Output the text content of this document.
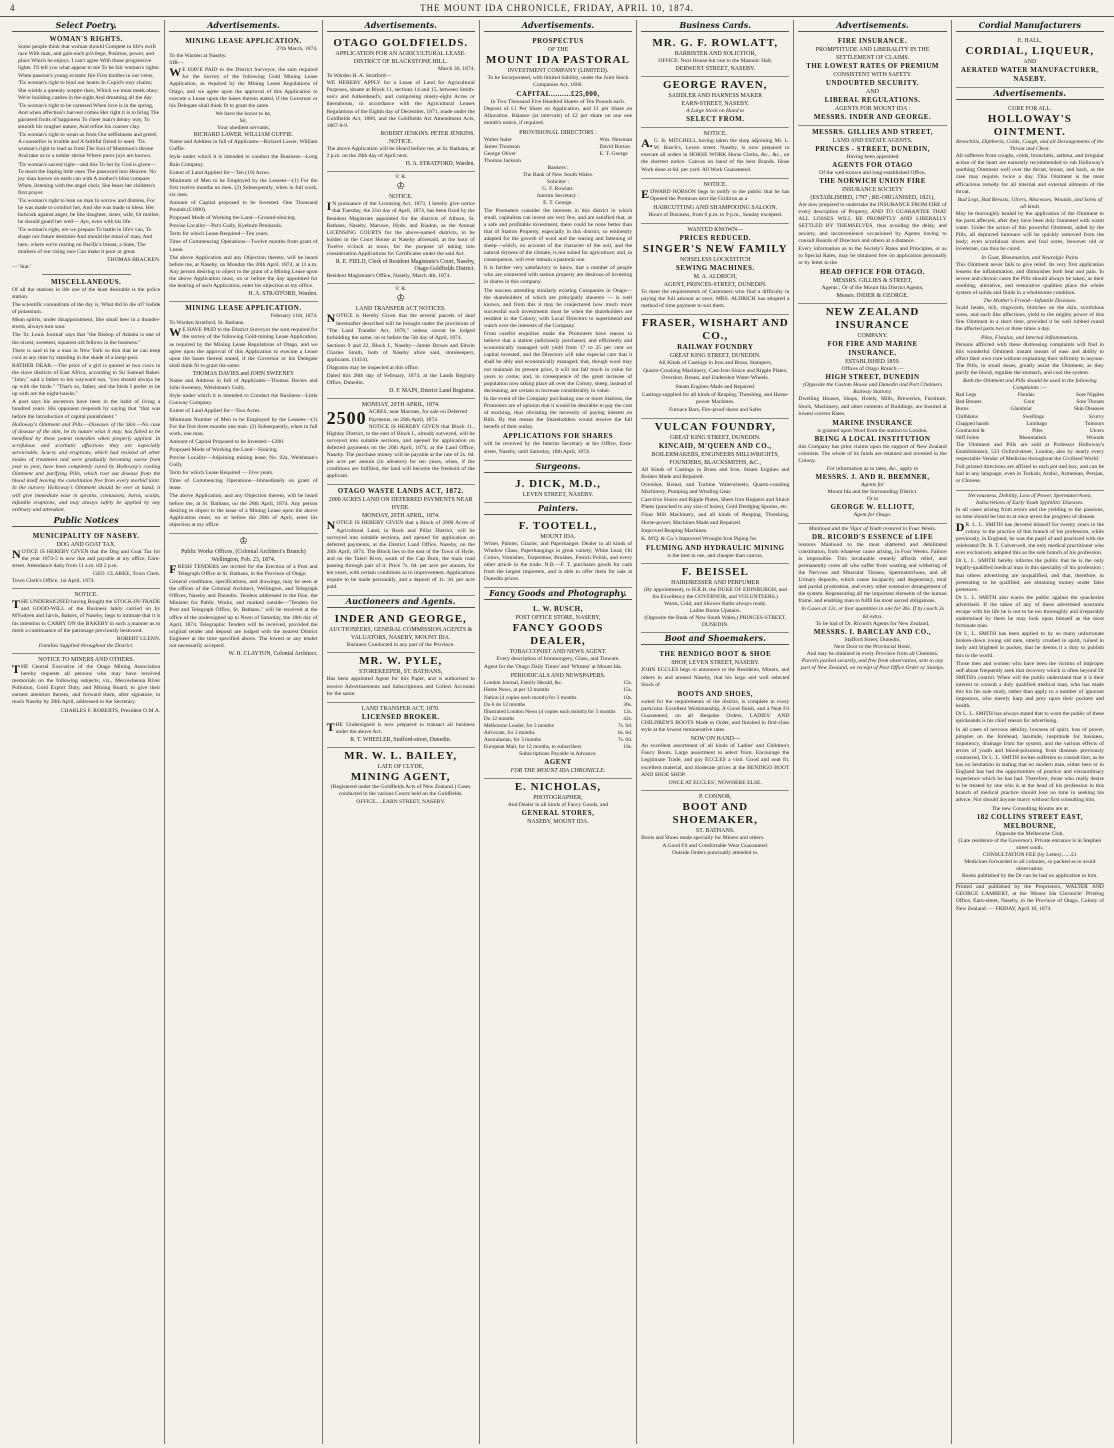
4	THE MOUNT IDA CHRONICLE, FRIDAY, APRIL 10, 1874.
Select Poetry.
WOMAN'S RIGHTS.

Some people think that woman should Compete in life's swift race With man, and gain each privilege, Position, power, and place Which he enjoys. I can't agree With those progressive lights. I'll tell you what appear to me To be fair woman's rights:

When passion's young ecstatic fire First kindles in our veins, 'Tis woman's right to bind our hearts In Cupid's rosy chains; She wields a queenly sceptre then, Which we must meek obey; We're building castles in the night And dreaming all the day.

'Tis woman's right to be caressed When love is in the spring, And when affection's harvest comes Her right it is to bring The garnered fruits of happiness To cheer man's dreary way, To smooth his rougher nature, And refine his coarser clay.

'Tis woman's right to wean us from Our selfishness and greed; A counsellor in trouble and A faithful friend in need. 'Tis woman's right to lead us from The foot of Mammon's throne And take us to a nobler shrine Where purer joys are known.

'Tis woman's sacred right—and this To her by God is given— To teach the lisping little ones The password into Heaven. No joy man knows on earth can with A mother's bliss compare When, listening with the angel choir, She hears her children's first prayer.

'Tis woman's right to lean on man In sorrow and distress, For he was made to comfort her, And she was made to bless. Her bulwark against anger, be She daughter, sister, wife, Or mother, he should guard her well— Aye, even with his life.

'Tis woman's right, ere we prepare To battle in life's van, To shape our future destinies And mould the mind of man; And here, where we're rearing on Pacific's breast, a State, The mothers of our rising race Can make it poor or great.

THOMAS BRACKEN.
—' Star.'
MISCELLANEOUS.

Of all the stations in life one of the least desirable is the police station.

The scientific conundrum of the day is, What did Io die of? Iodide of potassium.

Mean spirits, under disappointment, like small beer in a thunder-storm, always turn sour.

The 'St. Louis Journal' says that "the Bishop of Atlanta is one of the nicest, sweetest, squarest old fellows in the business."

There is said to be a man in New York so thin that he can keep cool at any time by standing in the shade of a lamp-post.

RATHER DEAR.—The price of a girl is quoted at two cows in the slave districts of East Africa, according to Sir Samuel Baker. "John," said a father to his wayward son, "you should always be up with the birds." "That's so, father, and the birds I prefer to be up with are the night-hawks."

A poet says his ancestors have been in the habit of living a hundred years. His opponent responds by saying that "that was before the introduction of capital punishment."

Holloway's Ointment and Pills.—Diseases of the Skin.—No case of disease of the skin, be its nature what it may, has failed to be benefited by these potent remedies when properly applied. In scrofulous and scorbutic affections they are especially serviceable. Scurvy and eruptions, which had resisted all other modes of treatment and were gradually becoming worse from year to year, have been completely cured by Holloway's cooling Ointment and purifying Pills, which root out disease from the blood itself leaving the constitution free from every morbid taint. In the nursery Holloway's Ointment should be ever at hand; it will give immediate ease in sprains, contusions, burns, scalds, infantile eruptions, and may always safely be applied by any ordinary and attendant.

Public Notices
MUNICIPALITY OF NASEBY.
DOG AND GOAT TAX.

NOTICE IS HEREBY GIVEN that the Dog and Goat Tax for the year 1874-5 is now due and payable at my office, Earn-street. Attendance daily from 11 a.m. till 2 p.m.

GEO. CLARKE, Town Clerk.
Town Clerk's Office, 1st April, 1874.
NOTICE.

THE UNDERSIGNED having Bought the STOCK-IN-TRADE and GOOD-WILL of the Business lately carried on by M'Fadyen and Jarvis, Bakers, of Naseby, begs to intimate that it is his intention to CARRY ON the BAKERY in such a manner as to merit a continuance of the patronage previously bestowed.

ROBERT GLENN.
Families Supplied throughout the District.
NOTICE TO MINERS AND OTHERS.

THE Central Executive of the Otago Mining Association hereby requests all persons who may have received memorials on the following subjects, viz., Mecowhenua River Pollution, Gold Export Duty, and Mining Board, to give their earnest attention thereto, and forward them, after signature, to reach Naseby by 20th April, addressed to the Secretary.

CHARLES F. ROBERTS, President O.M.A.
Advertisements.
MINING LEASE APPLICATION.
27th March, 1874.
To the Warden at Naseby.
SIR—

WE HAVE PAID to the District Surveyor, the sum required for the Survey of the following Gold Mining Lease Application, as required by the Mining Lease Regulations of Otago, and we agree upon the approval of this Application to execute a Lease upon the bases therein stated, if the Governor or his Delegate shall think fit to grant the same.

We have the honor to be,
Sir,
Your obedient servants,
RICHARD LAWER. WILLIAM GUFFIE.

Name and Address in full of Applicants—Richard Lawer, William Guffie.

Style under which it is intended to conduct the Business—Long Rain Company.

Extent of Land Applied for—Ten (10) Acres.

Minimum of Men to be Employed by the Lessees—(1) For the first twelve months no men. (2) Subsequently, when in full work, six men.

Amount of Capital proposed to be Invested. One Thousand Pounds (£1000).

Proposed Mode of Working the Land—Ground-sluicing.

Precise Locality—Pat's Gully, Kyeburn Peninsula.

Term for which Lease Required—Ten years.

Time of Commencing Operations—Twelve months from grant of Lease.

The above Application and any Objection thereto, will be heard before me, at Naseby, on Monday the 20th April, 1874, at 11 a.m. Any person desiring to object to the grant of a Mining Lease upon the above Application must, on or before the day appointed for the hearing of such Application, enter his objection at my office.

H. A. STRATFORD, Warden.
MINING LEASE APPLICATION.
February 11th, 1874.
To Warden Stratford, St. Bathans.

WE HAVE PAID to the District Surveyor the sum required for the survey of the following Gold-mining Lease Application, as required by the Mining Lease Regulations of Otago, and we agree upon the approval of this Application to execute a Lease upon the bases therein stated, if the Governor or his Delegate shall think fit to grant the same.

THOMAS DAVIES and JOHN SWEENEY

Name and Address in full of Applicants—Thomas Davies and John Sweeney, Welshman's Gully.

Style under which it is intended to Conduct the Business—Little Conway Company.

Extent of Land Applied for—Two Acres.

Minimum Number of Men to be Employed by the Lessees—(1) For the first three months one man. (2) Subsequently, when in full work, one man.

Amount of Capital Proposed to be Invested—£200.

Proposed Mode of Working the Land—Sluicing.

Precise Locality—Adjoining mining lease, No. 92a, Welshman's Gully.

Term for which Lease Required — Five years.

Time of Commencing Operations—Immediately on grant of lease.

The above Application, and any Objection thereto, will be heard before me, at St. Bathans, on the 28th April, 1874. Any person desiring to object to the issue of a Mining Lease upon the above Application must, on or before the 28th of April, enter his objection at my office.

♔
Public Works Offices, (Colonial Architect's Branch) Wellington, Feb. 23, 1874.

FRESH TENDERS are invited for the Erection of a Post and Telegraph Office at St. Bathans, in the Province of Otago.

General conditions, specifications, and drawings, may be seen at the offices of the Colonial Architect, Wellington, and Telegraph Offices, Naseby and Dunedin. Tenders addressed to the Hon. the Minister for Public Works, and marked outside—"Tenders for Post and Telegraph Office, St. Bathans," will be received at the office of the undersigned up to Noon of Saturday, the 18th day of April, 1874. Telegraphic Tenders will be received, provided the original tender and deposit are lodged with the nearest District Engineer at the time specified above. The lowest or any tender not necessarily accepted.

W. H. CLAYTON, Colonial Architect.
Advertisements.
OTAGO GOLDFIELDS.
APPLICATION FOR AN AGRICULTURAL LEASE.
DISTRICT OF BLACKSTONE HILL.
March 30, 1874.
To Warden H. A. Stratford—

WE HEREBY APPLY for a Lease of Land for Agricultural Purposes, situate at Block 11, sections 14 and 15, between Smith-son's and Aitkenhead's, and comprising ninety-eight Acres or thereabouts, in accordance with the Agricultural Leases Regulations of the Eighth day of December, 1871, made under the Goldfields Act, 1866, and the Goldfields Act Amendment Acts, 1867-8-9.

ROBERT JENKINS. PETER JENKINS.
NOTICE.

The above Application will be Heard before me, at St. Bathans, at 2 p.m. on the 28th day of April next.

H. A. STRATFORD, Warden.
V. R.
♔
NOTICE.

IN pursuance of the Licensing Act, 1873, I hereby give notice that Tuesday, the 21st day of April, 1874, has been fixed by the Resident Magistrate appointed for the districts of Alburn, St. Bathans, Naseby, Maruwe, Hyde, and Riadon, as the Annual LICENSING COURTS for the above-named districts, to be holden in the Court House at Naseby aforesaid, at the hour of Twelve o'clock at noon, for the purpose of taking into consideration Applications for Certificates under the said Act.

R. E. FIELD, Clerk of Resident Magistrate's Court, Naseby, Otago Goldfields District.
Resident Magistrate's Office, Naseby, March 4th, 1874.
V. R.
♔
LAND TRANSFER ACT NOTICES.

NOTICE is Hereby Given that the several parcels of land hereinafter described will be brought under the provisions of "The Land Transfer Act, 1870," unless caveat be lodged forbidding the same, on or before the 5th day of April, 1874.

Sections 9 and 22, Block I., Naseby—James Brown and Edwin Charles Smith, both of Naseby afore said, storekeepers, applicants. (1414).

Diagrams may be inspected at this office.

Dated this 28th day of February, 1874, at the Lands Registry Office, Dunedin.

D. F. MAIN, District Land Registrar.
MONDAY, 20TH APRIL, 1874.
2500 ACRES, near Macraes, for sale on Deferred Payments, on 20th April, 1874.

NOTICE IS HEREBY GIVEN that Block 11., Highlay District, to the east of Block I., already surveyed, will be surveyed into suitable sections, and opened for application on deferred payments on the 20th April, 1874, at the Land Office, Naseby. The purchase money will be payable at the rate of 2s. 6d. per acre per annum (in advance) for ten years, when, if the conditions are fulfilled, the land will become the freehold of the applicant.

OTAGO WASTE LANDS ACT, 1872.
2000 ACRES LAND ON DEFERRED PAYMENTS NEAR HYDE.
MONDAY, 20TH APRIL, 1874.

NOTICE IS HEREBY GIVEN that a Block of 2000 Acres of Agricultural Land, in Rock and Pillar District, will be surveyed into suitable sections, and opened for application on deferred payments, at the District Land Office, Naseby, on the 20th April, 1874. The Block lies to the east of the Town of Hyde, and on the Taieri River, south of the Cap Burn, the main road passing through part of it. Price 7s. 6d. per acre per annum, for ten years, with certain conditions as to improvement. Applications require to be made personally, and a deposit of 1s. 3d. per acre paid.

Auctioneers and Agents.
INDER AND GEORGE,
AUCTIONEERS, GENERAL COMMISSION AGENTS & VALUATORS, NASEBY, MOUNT IDA.
Business Conducted in any part of the Province.
MR. W. PYLE,
STOREKEEPER, ST. BATHANS,

Has been appointed Agent for this Paper, and is authorised to receive Advertisements and Subscriptions and Collect Accounts for the same.

LAND TRANSFER ACT, 1870.
LICENSED BROKER.

THE Undersigned is now prepared to transact all business under the above Act.

R. T. WHEELER, Stafford-street, Dunedin.
MR. W. L. BAILEY,
LATE OF CLYDE,
MINING AGENT,

(Registered under the Goldfields Acts of New Zealand.) Cases conducted in the various Courts held on the Goldfields.

OFFICE.....EARN STREET, NASEBY.
Advertisements.
PROSPECTUS
OF THE
MOUNT IDA PASTORAL
INVESTMENT COMPANY (LIMITED).

To be Incorporated, with limited liability, under the Joint Stock Companies Act, 1860.

CAPITAL.........£25,000,
In Two Thousand Five Hundred Shares of Ten Pounds each.

Deposit of £1 Per Share on Application, and £1 per Share on Allocation. Balance (at intervals) of £2 per share on one one month's notice, if required.

PROVISIONAL DIRECTORS :
Walter Inder
James Thomson
George Oliver
Thomas Jackson
Wm. Newman
David Burton
E. T. George
Bankers :
The Bank of New South Wales.
Solicitor :
G. F. Rowlatt.
Interim Secretary :
E. T. George.

The Promoters consider the interests in this district in which small, capitalists can invest are very few, and are satisfied that, as a safe and profitable investment, there could be none better than that of Station Property, especially in this district, so eminently adapted for the growth of wool and the rearing and fattening of sheep—which, on account of the character of the soil, and the natural dryness of the climate, is not suited for agriculture; and, in consequence, will ever remain a pastoral one.

It is further very satisfactory to know, that a number of people who are connected with station property are desirous of investing in shares in this company.

The success attending similarly existing Companies in Otago—the shareholders of which are principally shearers — is well known, and from this it may be conjectured how much more successful such investments must be when the shareholders are resident in the Colony, with Local Directors to superintend and watch over the interests of the Company.

From careful enquiries made the Promoters have reason to believe that a station judiciously purchased, and efficiently and economically managed will yield from 17 to 25 per cent on capital invested, and the Directors will take especial care that it shall be ably and economically managed; that, though wool may not maintain its present price, it will not fall much in value for years to come; and, in consequence of the great increase of population now taking place all over the Colony, sheep, instead of decreasing, are certain to increase considerably in value.

In the event of the Company purchasing one or more Stations, the Promoters are of opinion that it would be desirable to pay the cost of stocking, thus obviating the necessity of paying interest on Bills. By this means the Shareholders would receive the full benefit of their outlay.

APPLICATIONS FOR SHARES

will be received by the Interim Secretary at his Office, Earn-street, Naseby, until Saturday, 18th April, 1874.

Surgeons.
J. DICK, M.D.,
LEVEN STREET, NASEBY.
Painters.
F. TOOTELL,
MOUNT IDA.

Writer, Painter, Glazier, and Paperhanger. Dealer in all kinds of Window Glass, Paperhangings in great variety; White Lead, Oil Colors, Varnishes, Turpentine, Brushes, French Polish, and every other article in the trade. N.B.—F. T. purchases goods for cash from the largest importers, and is able to offer them for sale at Dunedin prices.

Fancy Goods and Photography.
L. W. BUSCH,
POST OFFICE STORE, NASEBY,
FANCY GOODS DEALER,
TOBACCONIST AND NEWS AGENT.

Every description of Ironmongery, Glass, and Tinware.

Agent for the 'Otago Daily Times' and 'Witness' at Mount Ida.

PERIODICALS AND NEWSPAPERS.
London Journal, Family Herald, &c.	15s.
Home News, at per 12 months	15s.
Nation (4 copies each month) for 3 months	10s.
Do 6 do 12 months	30s.
Illustrated London News (4 copies each month) for 3 months 12s.
Do 12 months	42s.
Melbourne Leader, for 3 months	7s. 6d.
Advocate, for 3 months	6s. 6d.
Australasian, for 3 months	7s. 6d.
European Mail, for 12 months, to subscribers	16s.
Subscriptions Payable in Advance.
AGENT
FOR THE MOUNT IDA CHRONICLE.
E. NICHOLAS,
PHOTOGRAPHER,
And Dealer in all kinds of Fancy Goods, and
GENERAL STORES,
NASEBY, MOUNT IDA.
Business Cards.
MR. G. F. ROWLATT,
BARRISTER AND SOLICITOR,
OFFICE: Next House but one to the Masonic Hall,
DERWENT STREET, NASEBY.
GEORGE RAVEN,
SADDLER AND HARNESS MAKER
EARN-STREET, NASEBY.
A Large Stock on Hand to
SELECT FROM.
NOTICE.

A.G. B. MITCHELL having taken the shop adjoining Mr. L. W. Busch's, Leven street, Naseby, is now prepared to execute all orders in HORSE WORK Horse Cloths, &c., &c., on the shortest notice. Canvas on hand of the best Brands. Hose Work done at 6d. per yard. All Work Guaranteed.

NOTICE.

EDWARD HOBSON begs to notify to the public that he has Opened the Premises next the Gridiron as a

HAIRCUTTING AND SHAMPOOING SALOON.

Hours of Business, from 6 p.m. to 9 p.m., Sunday excepted.

WANTED KNOWN—
PRICES REDUCED.
SINGER'S NEW FAMILY
NOISELESS LOCKSTITCH
SEWING MACHINES.
M. A. ALDRICH,
AGENT, PRINCES-STREET, DUNEDIN.

To meet the requirements of Customers who find a difficulty in paying the full amount at once, MRS. ALDRICH has adopted a method of time payment to suit them.

FRASER, WISHART AND CO.,
RAILWAY FOUNDRY
GREAT KING STREET, DUNEDIN.

All Kinds of Castings in Iron and Brass, Stampers,

Quartz-Crushing Machinery, Cast-Iron Sluice and Ripple Plates; Overshot, Breast, and Undershot Water-Wheels.

Steam Engines Made and Repaired.

Castings supplied for all kinds of Reaping, Threshing, and Horse-power Machines.

Furnace Bars, Fire-proof doors and Safes

VULCAN FOUNDRY,
GREAT KING STREET, DUNEDIN.
KINCAID, M'QUEEN AND CO.,
BOILERMAKERS, ENGINEERS MILLWRIGHTS, FOUNDERS, BLACKSMITHS, &C.,

All Kinds of Castings in Brass and Iron. Steam Engines and Boilers Made and Repaired.

Overshot, Breast, and Turbine Waterwheels; Quartz-crushing Machinery, Pumping and Winding Gear.

Cast-Iron Sluice and Ripple Plates, Sheet Iron Hoppers and Sluice Plates (punched to any size of holes), Gold Dredging Spoons, etc.

Flour Mill Machinery, and all kinds of Reaping, Threshing, Horse-power, Machines Made and Repaired.

Improved Reaping Machines.

K. M'Q. & Co.'s Improved Wrought Iron Piping for

FLUMING AND HYDRAULIC MINING
is the best in use, and cheaper than canvas.
F. BEISSEL
HAIRDRESSER AND PERFUMER
(By appointment), to H.R.H. the DUKE OF EDINBURGH, and his Excellency the GOVERNOR, and VOLUNTEERS.)
Warm, Cold, and Shower Baths always ready.
Ladies Room Upstairs.
(Opposite the Bank of New South Wales,) PRINCES-STREET, DUNEDIN.
Boot and Shoemakers.
THE BENDIGO BOOT & SHOE
SHOP, LEVEN STREET, NASEBY.

JOHN ECCLES begs to announce to the Residents, Miners, and others in and around Naseby, that his large and well selected Stock of

BOOTS AND SHOES,

suited for the requirements of the district, is complete in every particular. Excellent Workmanship, A Good finish, and a Neat Fit Guaranteed, on all Bespoke Orders. LADIES' AND CHILDREN'S BOOTS Made to Order, and finished in first-class style at the lowest remunerative rates.

NOW ON HAND—

An excellent assortment of all kinds of Ladies' and Children's Fancy Boots. Large assortment to select from. Encourage the Legitimate Trade, and pay ECCLES a visit. Good and neat fit, excellent material, and moderate prices at the BENDIGO BOOT AND SHOE SHOP.

ONCE AT ECCLES', NOWHERE ELSE.
P. CONNOR,
BOOT AND SHOEMAKER,
ST. BATHANS.

Boots and Shoes made specially for Miners and others.

A Good Fit and Comfortable Wear Guaranteed.
Outside Orders punctually attended to.
Advertisements.
FIRE INSURANCE.
PROMPTITUDE AND LIBERALITY IN THE SETTLEMENT OF CLAIMS.
THE LOWEST RATES OF PREMIUM
CONSISTENT WITH SAFETY.
UNDOUBTED SECURITY.
AND
LIBERAL REGULATIONS.
AGENTS FOR MOUNT IDA :
MESSRS. INDER AND GEORGE.
MESSRS. GILLIES AND STREET,
LAND AND ESTATE AGENTS.
PRINCES - STREET, DUNEDIN,
Having been appointed
AGENTS FOR OTAGO
Of the well-known and long-established Office,
THE NORWICH UNION FIRE
INSURANCE SOCIETY
(ESTABLISHED, 1797 ; RE-ORGANISED, 1821),

Are now prepared to undertake the INSURANCE FROM FIRE of every description of Property, AND TO GUARANTEE THAT ALL LOSSES WILL BE PROMPTLY AND LIBERALLY SETTLED BY THEMSELVES, thus avoiding the delay, and anxiety, and inconvenience occasioned by Agents having to consult Boards of Directors and others at a distance.

Every information as to the Society's Rates and Principles, or as to Special Rates, may be obtained free on application personally or by letter to the

HEAD OFFICE FOR OTAGO.
MESSRS. GILLIES & STREET,
Agents ; Or of the Mount Ida District Agents,
Messrs. INDER & GEORGE.
NEW ZEALAND INSURANCE
COMPANY.
FOR FIRE AND MARINE
INSURANCE.
ESTABLISHED 1859.
Offices of Otago Branch —
HIGH STREET, DUNEDIN
(Opposite the Custom House and Dunedin and Port Chalmers Railway Station).

Dwelling Houses, Shops, Hotels, Mills, Breweries, Furniture, Stock, Machinery, and other contents of Buildings, are Insured at lowest current Rates.

MARINE INSURANCE
is granted upon Wool from the station to London.
BEING A LOCAL INSTITUTION

this Company has prior claims upon the support of New Zealand colonists. The whole of its funds are retained and invested in the Colony.

For information as to rates, &c., apply to
MESSRS. J. AND R. BREMNER,
Agents for
Mount Ida and the Surrounding District.
Or to
GEORGE W. ELLIOTT,
Agent for Otago.
Manhood and the Vigor of Youth restored in Four Weeks.
DR. RICORD'S ESSENCE of LIFE

restores Manhood to the most shattered and debilitated constitution, from whatever cause arising, in Four Weeks. Failure is impossible. This invaluable remedy affords relief, and permanently cures all who suffer from wasting and withering of the Nervous and Muscular Tissues, Spermatorrhoea, and all Urinary deposits, which cause incapacity and degeneracy, total and partial prostration, and every other extensive derangement of the system. Regenerating all the important elements of the human frame, and enabling man to fulfil his most sacred obligations.

In Cases at 12s, or four quantities in one for 36s. If by coach 2s 6d extra.
To be had of Dr. Ricord's Agents for New Zealand,
MESSRS. I. BARCLAY AND CO.,
Stafford Street, Dunedin,
Next Door to the Provincial Hotel,
And may be obtained in every Province from all Chemists.
Parcels packed securely, and free from observation, sent to any part of New Zealand, on receipt of Post Office Order or Stamps.
Cordial Manufacturers
E. HALL,
CORDIAL, LIQUEUR,
AND
AERATED WATER MANUFACTURER,
NASEBY.
Advertisements.
CURE FOR ALL.
HOLLOWAY'S OINTMENT.
Bronchitis, Diptheria, Colds, Cough, and all Derangements of the Throat and Chest.

All sufferers from coughs, colds, bronchitis, asthma, and irregular action of the heart are earnestly recommended to rub Holloway's soothing Ointment well over the throat, breast, and back, as the case may require, twice a day. This Ointment is the most efficacious remedy for all internal and external ailments of the throat.

Bad Legs, Bad Breasts, Ulcers, Abscesses, Wounds, and Sores of all kinds

May be thoroughly healed by the application of the Ointment to the parts affected, after they have been duly fomented with warm water. Under the action of this powerful Ointment, aided by the Pills, all depraved humours will be quickly removed from the body; even scrofulous ulcers and foul sores, however old or inveterate, can thus be cured.

In Gout, Rheumatism, and Neuralgic Pains

This Ointment never fails to give relief. Its very first application lessens the inflammation, and diminishes both heat and pain. In severe and chronic cases the Pills should always be taken, as their soothing, alterative, and restorative qualities place the whole system of solids and fluids in a wholesome condition.

The Mother's Friend—Infantile Diseases.

Scald heads, itch, ringworm, blotches on the skin, scrofulous sores, and such like affections, yield to the mighty power of this fine Ointment in a short time, provided it be well rubbed round the affected parts two or three times a day.

Piles, Fistulas, and Internal Inflammations.

Persons afflicted with these distressing complaints will find in this wonderful Ointment instant means of ease and ability to effect their own cure without explaining their infirmity to anyone. The Pills, in small doses, greatly assist the Ointment, as they purify the blood, regulate the stomach, and cool the system.

Both the Ointment and Pills should be used in the following Complaints :—
Bad Legs	Fistulas	Sore Nipples
Bad Breasts	Gout	Sore Throats
Burns	Glandular	Skin Diseases
Chilblains	Swellings	Scurvy
Chapped hands	Lumbago	Tumours
Contracted &	Piles	Ulcers
Stiff Joints	Rheumatism	Wounds

The Ointment and Pills are sold at Professor Holloway's Establishment, 533 Oxford-street, London, also by nearly every respectable Vendor of Medicine throughout the Civilised World.

Full printed directions are affixed to each pot and box, and can be had in any language, even in Turkish, Arabic, Armenian, Persian, or Chinese.

Nervousness, Debility, Loss of Power, Spermatorrhoea, Indiscretions of Early Youth Syphilitic Diseases.

In all cases arising from errors and the yielding to the passions, no time should be lost to at once arrest the progress of disease.

DR. L. L. SMITH has devoted himself for twenty years in the colony to the practice of this branch of his profession, while previously, in England, he was the pupil of and practiced with the celebrated Dr. R. T. Culverwell, the only medical practitioner who ever exclusively adopted this as the sole branch of his profession.

Dr L. L. SMITH hereby informs the public that he is the only legally-qualified medical man in this speciality of his profession ; that others advertising are unqualified, and that, therefore, in pretending to be qualified, are obtaining money under false pretences.

Dr L. L. SMITH also warns the public against the quackeries advertised. If the taken of any of these advertised nostrums escape with his life he is not to be too thoroughly and irreparably undermined by them he may look upon himself as the most fortunate man.

Dr L. L. SMITH has been applied to by so many unfortunate broken-down young old men, utterly crushed in spirit, ruined in body and blighted in pocket, that he deems it a duty to publish this to the world.

Those men and women who have been the victims of improper self-abuse frequently seek that recovery which is often beyond Dr SMITH's control. When will the public understand that it is their interest to consult a duly qualified medical man, who has made this his his sole study, rather than apply to a number of ignorant impostors, who merely harp and prey upon their pockets and health.

Dr L. L. SMITH has always stated that to warn the public of these quicksands is his chief reason for advertising.

In all cases of nervous debility, lowness of spirit, loss of power, pimples on the forehead, lassitude, ineptitude for business, impotency, drainage from the system, and the various effects of errors of youth and blood-poisoning from diseases previously contracted, Dr L. L. SMITH invites sufferers to consult him, as he has no hesitation in stating that no modern man, either here or in England has had the opportunities of practice and extraordinary experience which he has had. Therefore, those who really desire to be treated by one who is at the head of his profession in this branch of medical practice should lose no time in seeking his advice. Nor should anyone marry without first consulting him.

The new Consulting Rooms are at
182 COLLINS STREET EAST, MELBOURNE,
Opposite the Melbourne Club,
(Late residence of the Governor). Private entrance is in Stephen street south.
CONSULTATION FEE (by Letter).......£1
Medicines forwarded to all colonies, so packed as to avoid observation.
Books published by the Dr can be had on application to him.

Printed and published by the Proprietors, WALTER AND GEORGE LAMBERT, at the 'Mount Ida Chronicle' Printing Office, Earn-street, Naseby, in the Province of Otago, Colony of New Zealand. — FRIDAY, April 10, 1874.
